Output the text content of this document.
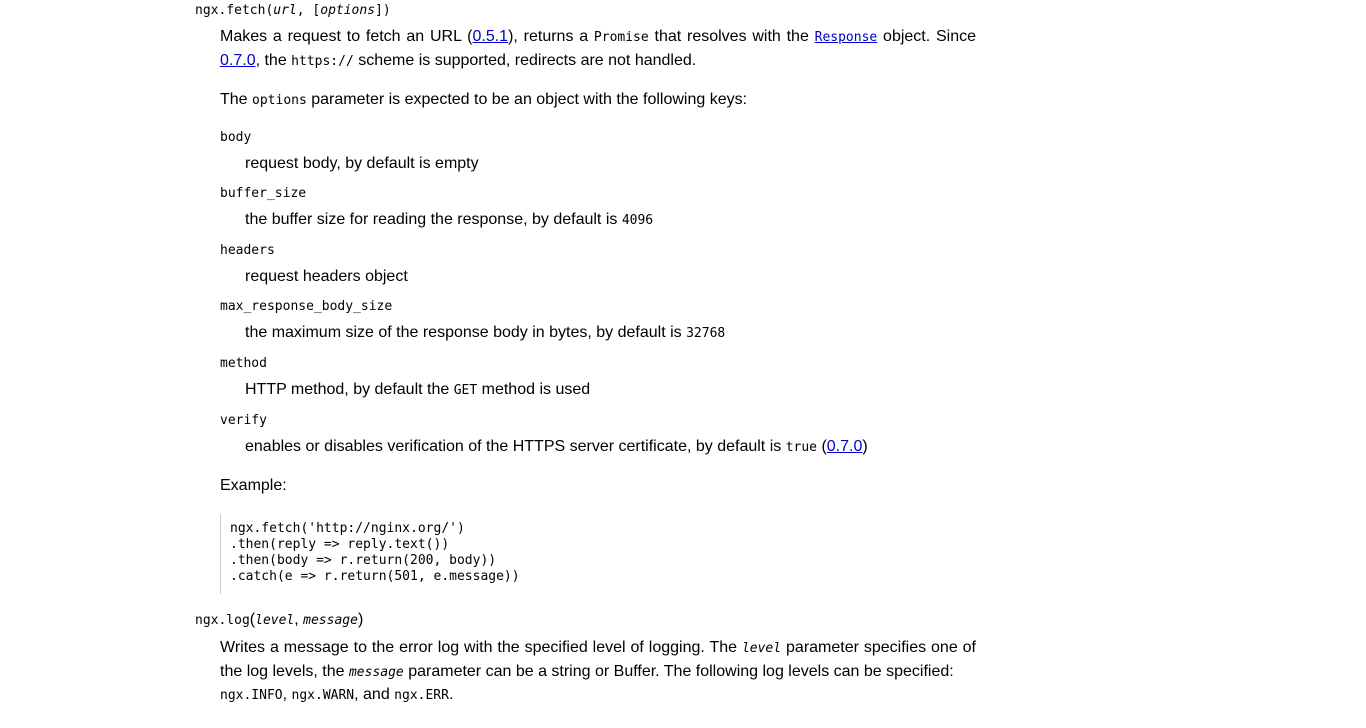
ngx.fetch(url, [options])

Makes a request to fetch an URL (0.5.1), returns a Promise that resolves with the Response object. Since 0.7.0, the https:// scheme is supported, redirects are not handled.

The options parameter is expected to be an object with the following keys:

body
request body, by default is empty
buffer_size
the buffer size for reading the response, by default is 4096
headers
request headers object
max_response_body_size
the maximum size of the response body in bytes, by default is 32768
method
HTTP method, by default the GET method is used
verify
enables or disables verification of the HTTPS server certificate, by default is true (0.7.0)
Example:
ngx.fetch('http://nginx.org/')
.then(reply => reply.text())
.then(body => r.return(200, body))
.catch(e => r.return(501, e.message))
ngx.log(level, message)

Writes a message to the error log with the specified level of logging. The level parameter specifies one of the log levels, the message parameter can be a string or Buffer. The following log levels can be specified:

ngx.INFO, ngx.WARN, and ngx.ERR.
